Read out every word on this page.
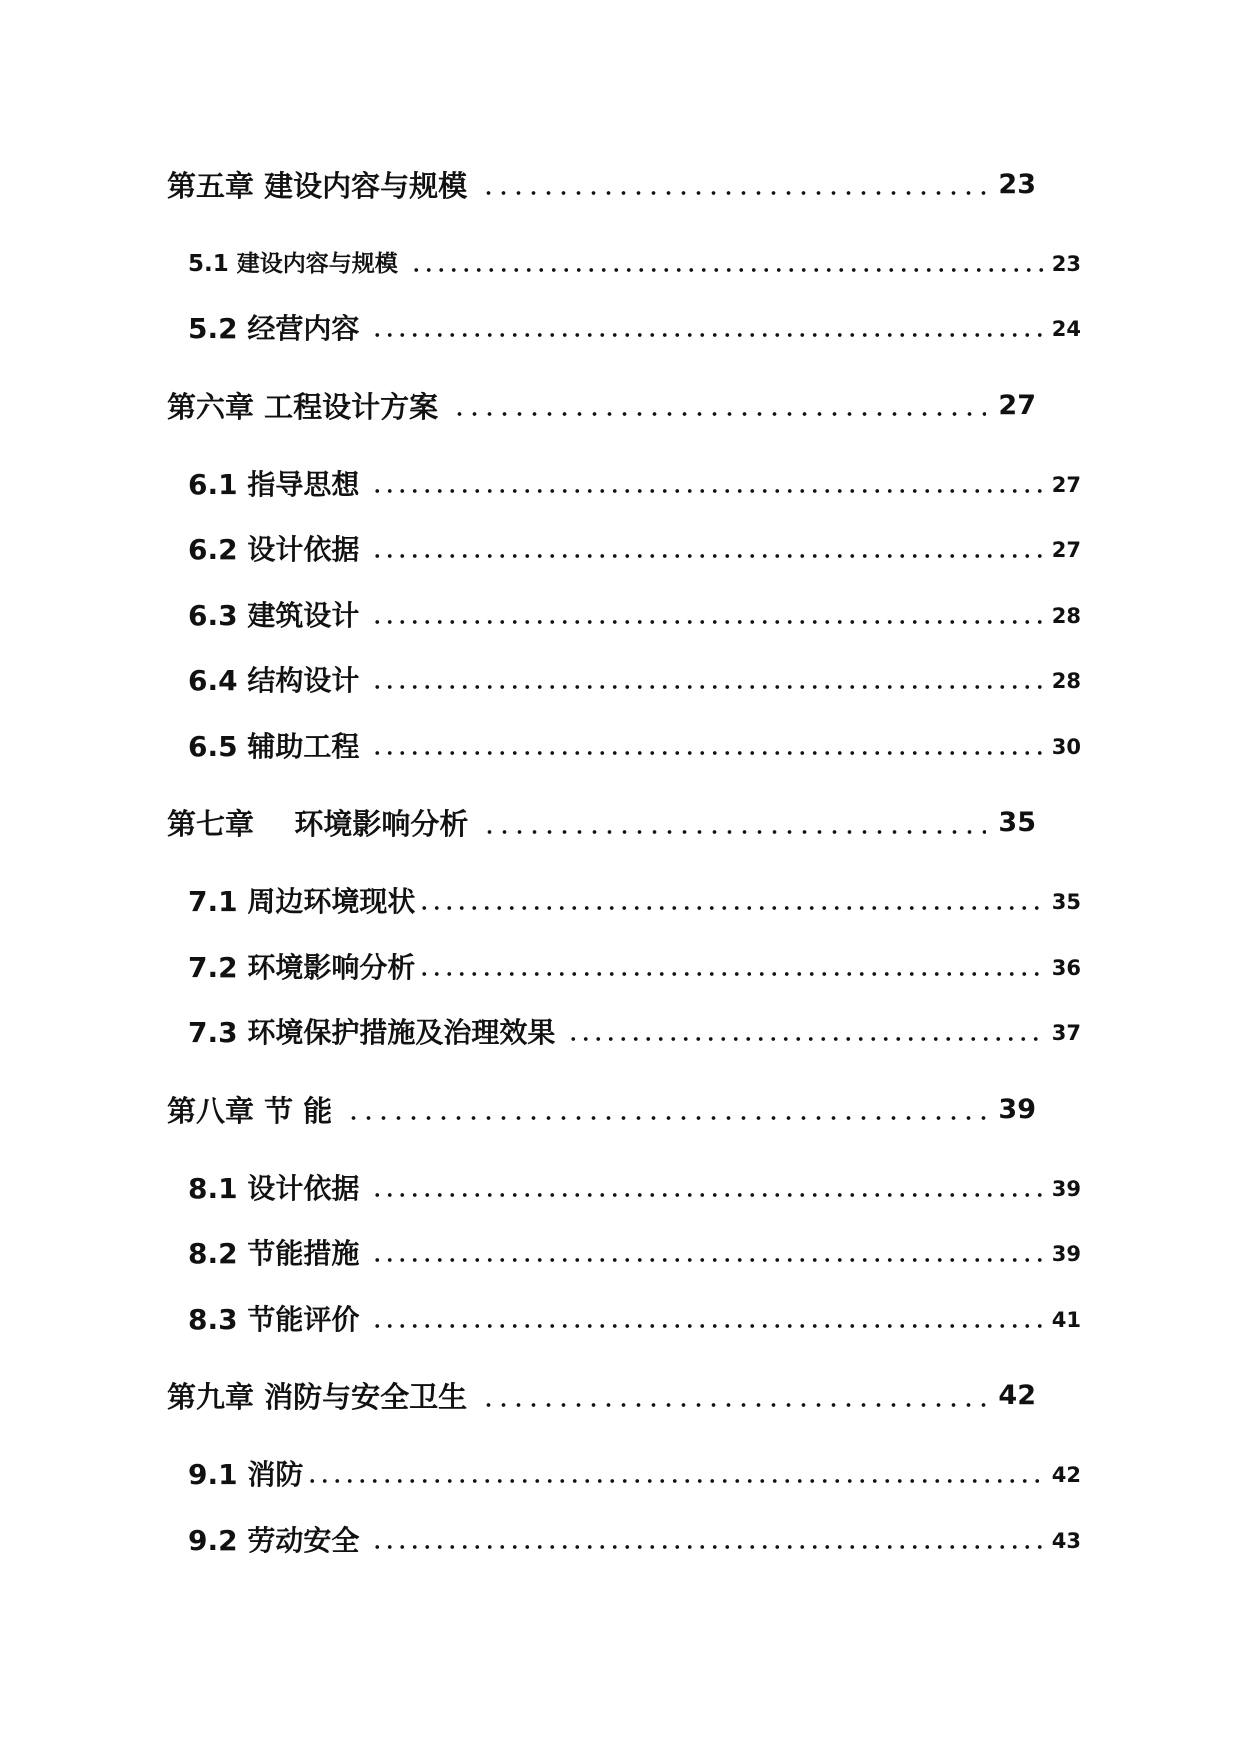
第五章 建设内容与规模	23
5.1 建设内容与规模	23
5.2 经营内容	24
第六章 工程设计方案	27
6.1 指导思想	27
6.2 设计依据	27
6.3 建筑设计	28
6.4 结构设计	28
6.5 辅助工程	30
第七章    环境影响分析	35
7.1 周边环境现状	35
7.2 环境影响分析	36
7.3 环境保护措施及治理效果	37
第八章 节 能	39
8.1 设计依据	39
8.2 节能措施	39
8.3 节能评价	41
第九章 消防与安全卫生	42
9.1 消防	42
9.2 劳动安全	43
